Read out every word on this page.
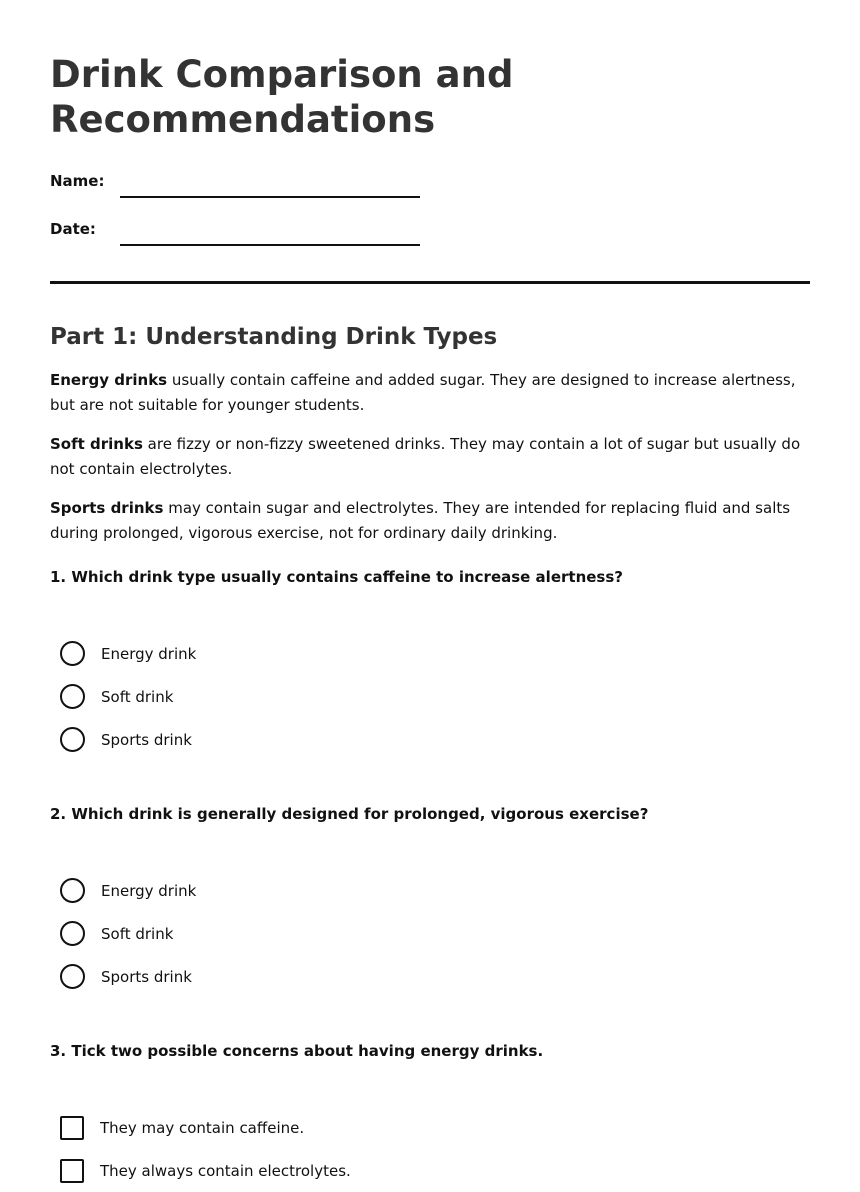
Drink Comparison and Recommendations
Name:
Date:
Part 1: Understanding Drink Types

Energy drinks usually contain caffeine and added sugar. They are designed to increase alertness, but are not suitable for younger students.

Soft drinks are fizzy or non-fizzy sweetened drinks. They may contain a lot of sugar but usually do not contain electrolytes.

Sports drinks may contain sugar and electrolytes. They are intended for replacing fluid and salts during prolonged, vigorous exercise, not for ordinary daily drinking.

1. Which drink type usually contains caffeine to increase alertness?

Energy drink
Soft drink
Sports drink

2. Which drink is generally designed for prolonged, vigorous exercise?

Energy drink
Soft drink
Sports drink

3. Tick two possible concerns about having energy drinks.

They may contain caffeine.
They always contain electrolytes.
